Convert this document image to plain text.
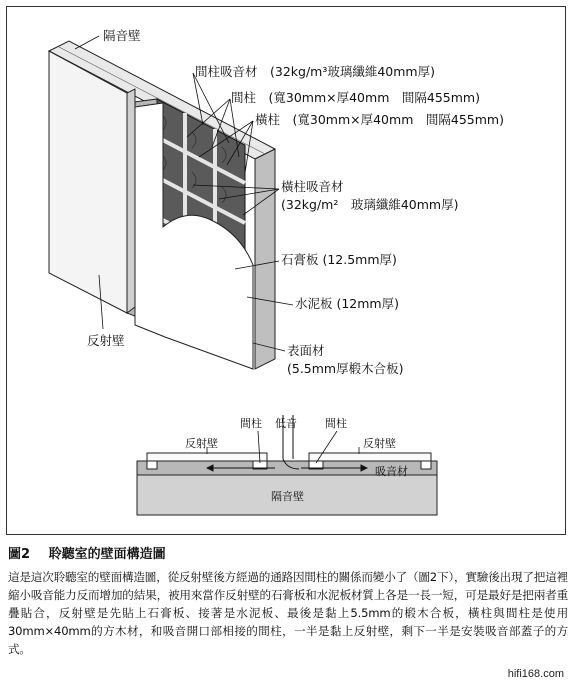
隔音壁
間柱吸音材　(32kg/m³玻璃纖維40mm厚)
間柱　(寬30mm×厚40mm　間隔455mm)
橫柱　(寬30mm×厚40mm　間隔455mm)
橫柱吸音材
(32kg/m²　玻璃纖維40mm厚)
石膏板 (12.5mm厚)
水泥板 (12mm厚)
表面材
(5.5mm厚椴木合板)
反射壁
間柱 低音	間柱
反射壁	反射壁
吸音材
隔音壁

圖2 聆聽室的壁面構造圖

這是這次聆聽室的壁面構造圖，從反射壁後方經過的通路因間柱的關係而變小了（圖2下），實驗後出現了把這裡縮小吸音能力反而增加的結果，被用來當作反射壁的石膏板和水泥板材質上各是一長一短，可是最好是把兩者重疊貼合，反射壁是先貼上石膏板、接著是水泥板、最後是黏上5.5mm的椴木合板，橫柱與間柱是使用30mm×40mm的方木材，和吸音開口部相接的間柱，一半是黏上反射壁，剩下一半是安裝吸音部蓋子的方式。

hifi168.com
